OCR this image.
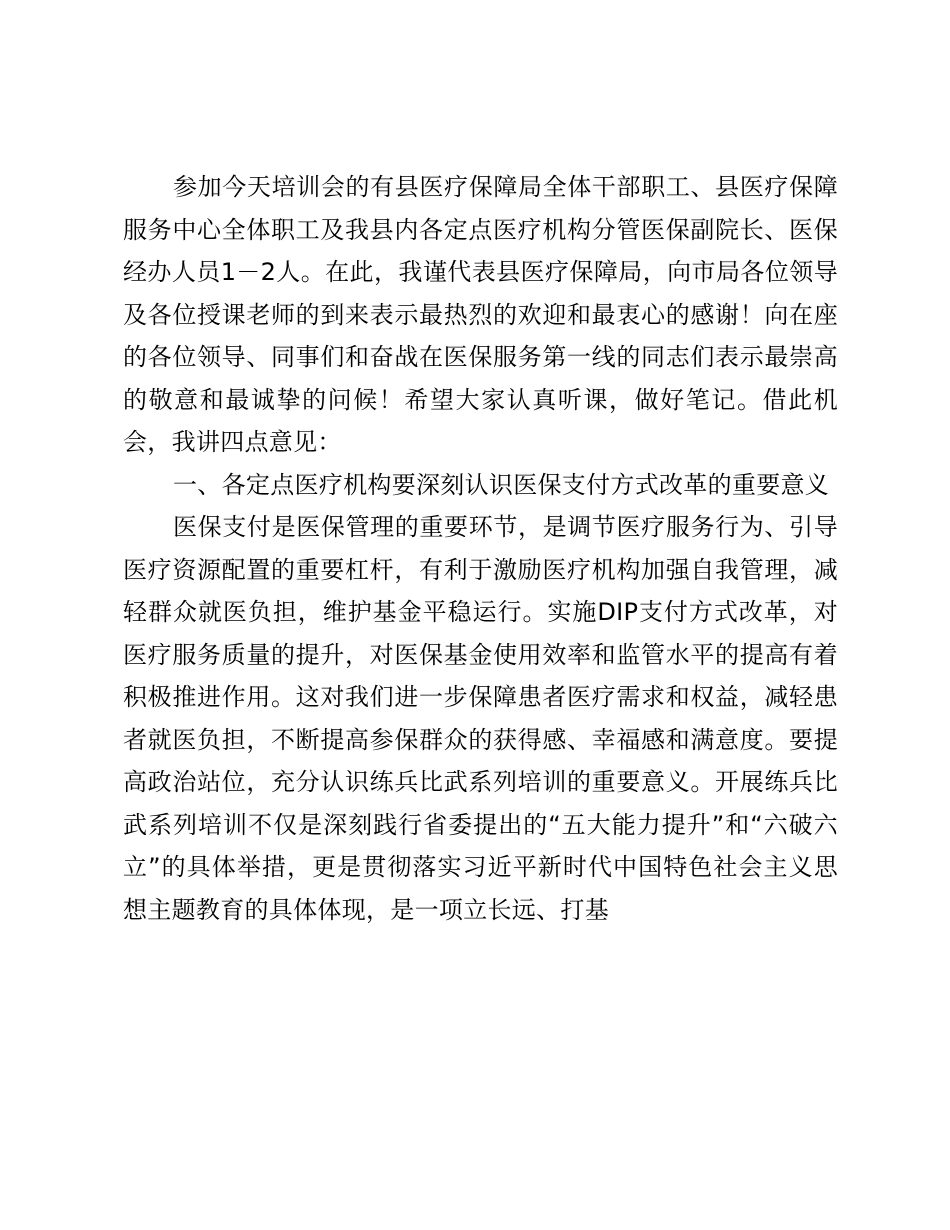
参加今天培训会的有县医疗保障局全体干部职工、县医疗保障服务中心全体职工及我县内各定点医疗机构分管医保副院长、医保经办人员1－2人。在此，我谨代表县医疗保障局，向市局各位领导及各位授课老师的到来表示最热烈的欢迎和最衷心的感谢！向在座的各位领导、同事们和奋战在医保服务第一线的同志们表示最崇高的敬意和最诚挚的问候！希望大家认真听课，做好笔记。借此机会，我讲四点意见：

一、各定点医疗机构要深刻认识医保支付方式改革的重要意义

医保支付是医保管理的重要环节，是调节医疗服务行为、引导医疗资源配置的重要杠杆，有利于激励医疗机构加强自我管理，减轻群众就医负担，维护基金平稳运行。实施DIP支付方式改革，对医疗服务质量的提升，对医保基金使用效率和监管水平的提高有着积极推进作用。这对我们进一步保障患者医疗需求和权益，减轻患者就医负担，不断提高参保群众的获得感、幸福感和满意度。要提高政治站位，充分认识练兵比武系列培训的重要意义。开展练兵比武系列培训不仅是深刻践行省委提出的“五大能力提升”和“六破六立”的具体举措，更是贯彻落实习近平新时代中国特色社会主义思想主题教育的具体体现，是一项立长远、打基
